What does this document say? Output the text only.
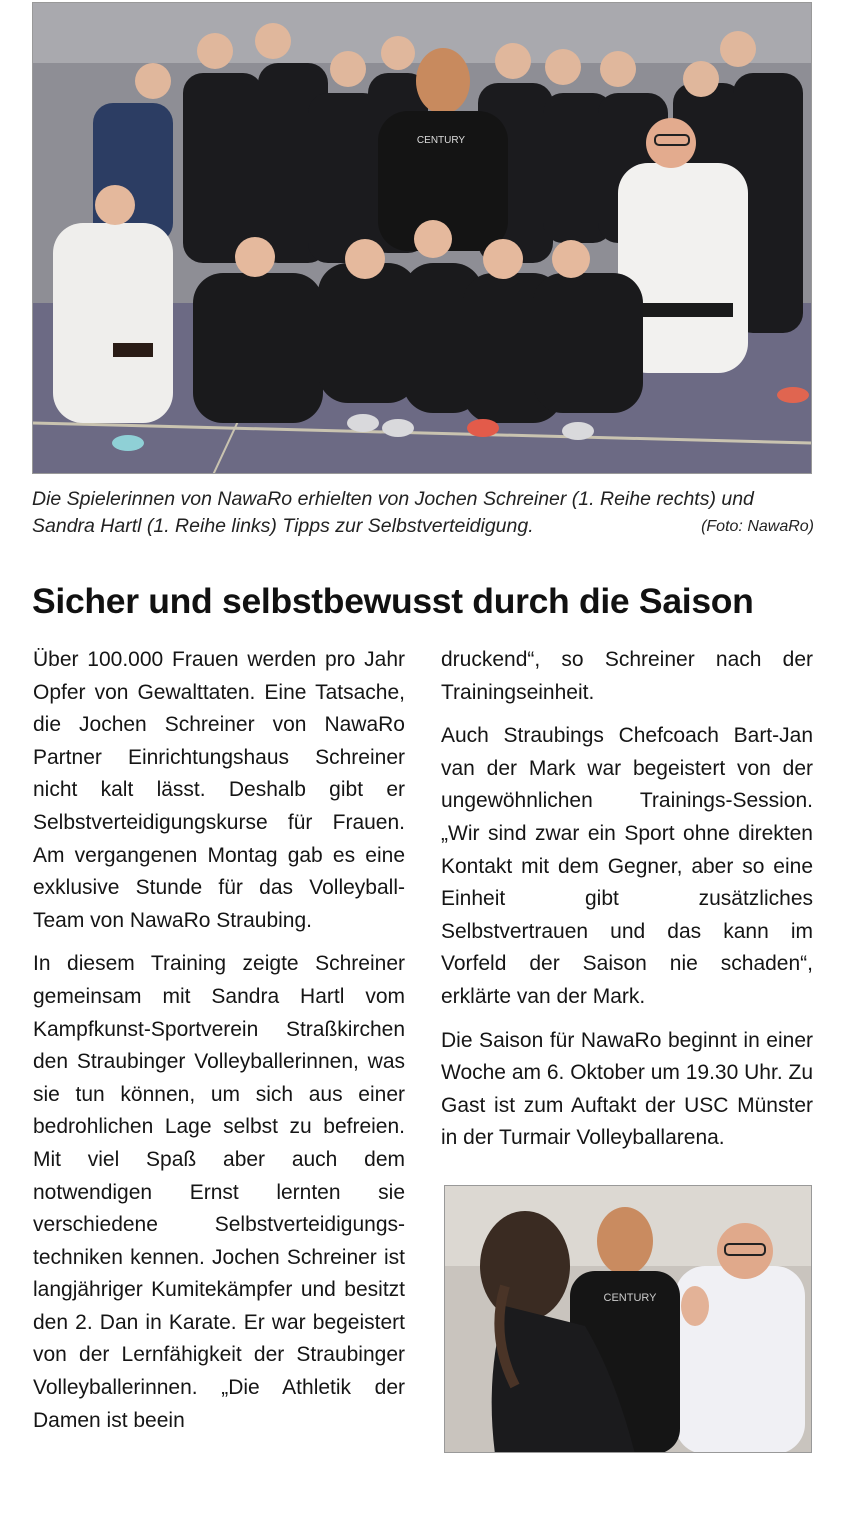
CENTURY
Die Spielerinnen von NawaRo erhielten von Jochen Schreiner (1. Reihe rechts) und Sandra Hartl (1. Reihe links) Tipps zur Selbstverteidigung.	(Foto: NawaRo)
Sicher und selbstbewusst durch die Saison

Über 100.000 Frauen werden pro Jahr Opfer von Gewalttaten. Eine Tatsache, die Jochen Schreiner von NawaRo Partner Einrichtungshaus Schreiner nicht kalt lässt. Deshalb gibt er Selbstverteidigungskurse für Frauen. Am vergangenen Montag gab es eine exklusive Stunde für das Volleyball-Team von NawaRo Straubing.

In diesem Training zeigte Schreiner gemeinsam mit Sandra Hartl vom Kampfkunst-Sportverein Straßkirchen den Straubinger Volleyballerinnen, was sie tun können, um sich aus einer bedrohlichen Lage selbst zu befreien. Mit viel Spaß aber auch dem notwendigen Ernst lernten sie verschiedene Selbstverteidigungstechniken kennen. Jochen Schreiner ist langjähriger Kumitekämpfer und besitzt den 2. Dan in Karate. Er war begeistert von der Lernfähigkeit der Straubinger Volleyballerinnen. „Die Athletik der Damen ist beein

druckend“, so Schreiner nach der Trainingseinheit.

Auch Straubings Chefcoach Bart-Jan van der Mark war begeistert von der ungewöhnlichen Trainings-Session. „Wir sind zwar ein Sport ohne direkten Kontakt mit dem Gegner, aber so eine Einheit gibt zusätzliches Selbstvertrauen und das kann im Vorfeld der Saison nie schaden“, erklärte van der Mark.

Die Saison für NawaRo beginnt in einer Woche am 6. Oktober um 19.30 Uhr. Zu Gast ist zum Auftakt der USC Münster in der Turmair Volleyballarena.

CENTURY
